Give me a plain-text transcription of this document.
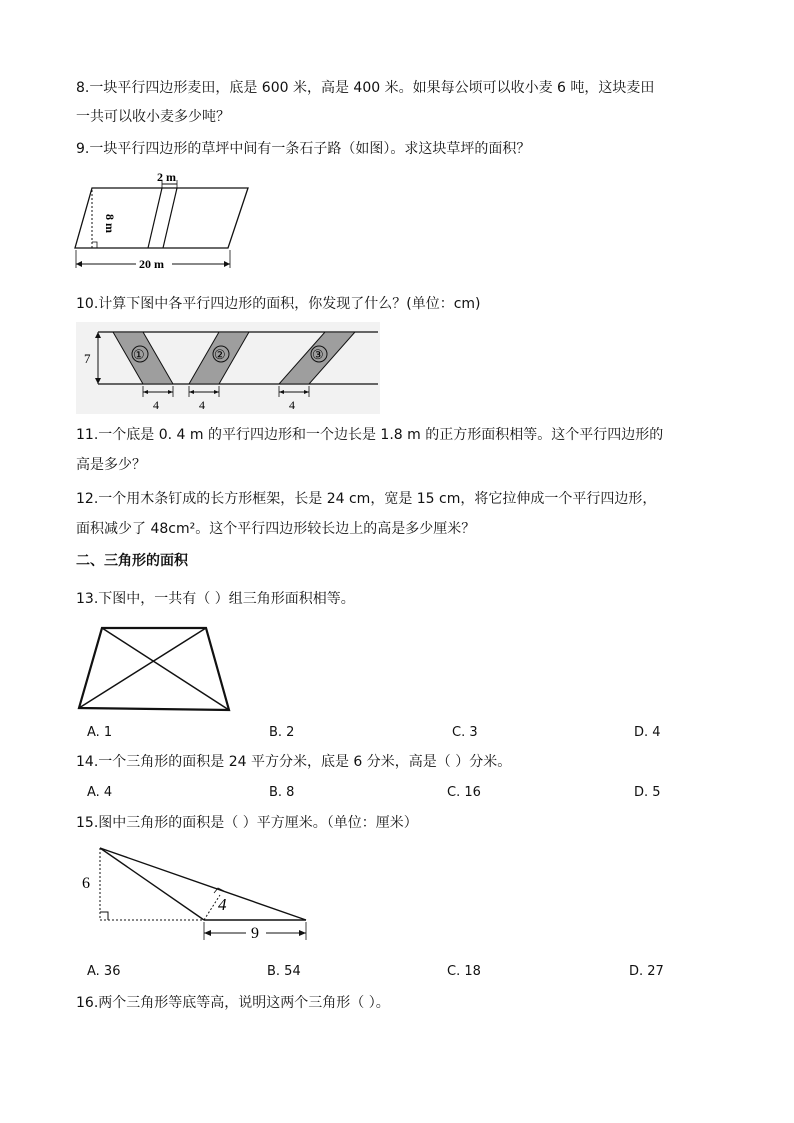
8.一块平行四边形麦田，底是 600 米，高是 400 米。如果每公顷可以收小麦 6 吨，这块麦田
一共可以收小麦多少吨？
9.一块平行四边形的草坪中间有一条石子路（如图）。求这块草坪的面积？
2 m
8 m
20 m
10.计算下图中各平行四边形的面积，你发现了什么？(单位：cm)
7	①	②	③
4	4	4
11.一个底是 0. 4 m 的平行四边形和一个边长是 1.8 m 的正方形面积相等。这个平行四边形的
高是多少？
12.一个用木条钉成的长方形框架，长是 24 cm，宽是 15 cm，将它拉伸成一个平行四边形，
面积减少了 48cm²。这个平行四边形较长边上的高是多少厘米？
二、三角形的面积
13.下图中，一共有（ ）组三角形面积相等。
A. 1	B. 2	C. 3	D. 4
14.一个三角形的面积是 24 平方分米，底是 6 分米，高是（ ）分米。
A. 4	B. 8	C. 16	D. 5
15.图中三角形的面积是（ ）平方厘米。（单位：厘米）
4
6
9
A. 36	B. 54	C. 18	D. 27
16.两个三角形等底等高，说明这两个三角形（ ）。
